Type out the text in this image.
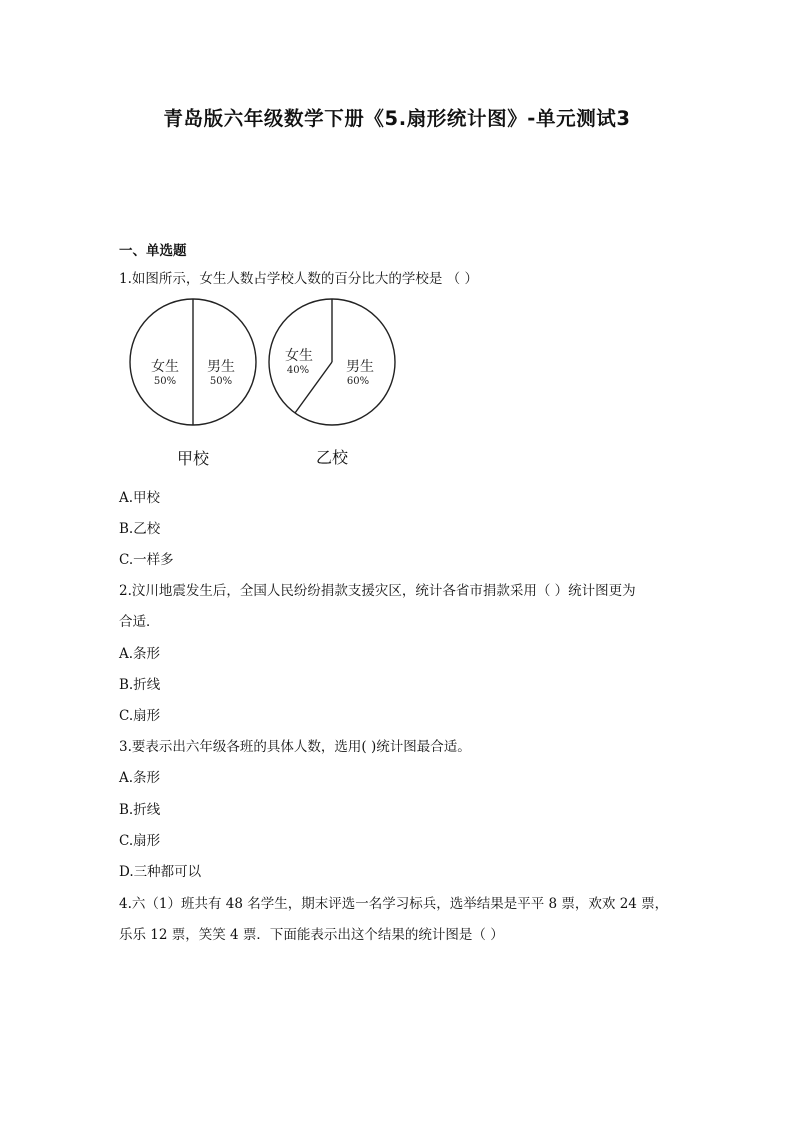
青岛版六年级数学下册《5.扇形统计图》-单元测试3
一、单选题
1.如图所示，女生人数占学校人数的百分比大的学校是 （ ）
女生
50%
男生
50%
甲校
女生
40%	男生
60%
乙校
A.甲校
B.乙校
C.一样多
2.汶川地震发生后，全国人民纷纷捐款支援灾区，统计各省市捐款采用（ ）统计图更为
合适．
A.条形
B.折线
C.扇形
3.要表示出六年级各班的具体人数，选用( )统计图最合适。
A.条形
B.折线
C.扇形
D.三种都可以
4.六（1）班共有 48 名学生，期末评选一名学习标兵，选举结果是平平 8 票，欢欢 24 票，
乐乐 12 票，笑笑 4 票．下面能表示出这个结果的统计图是（ ）
